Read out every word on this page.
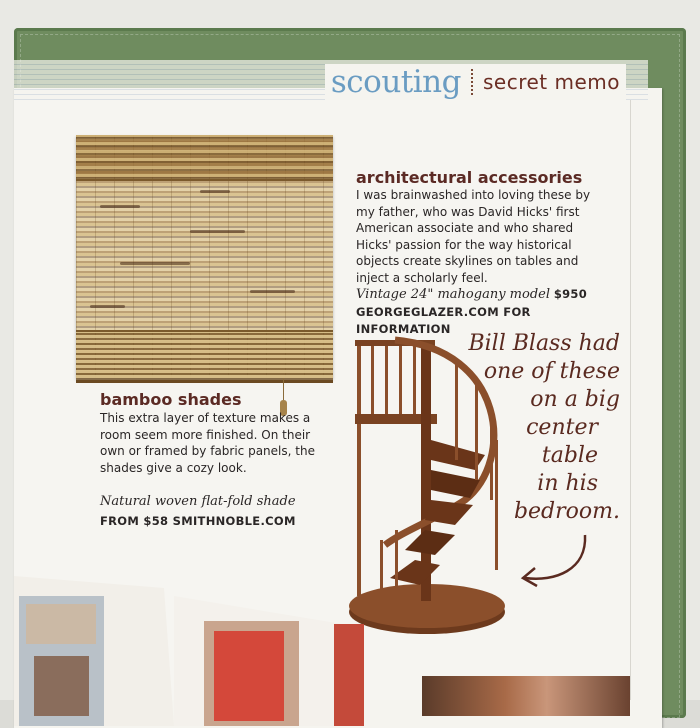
scouting secret memo
bamboo shades
This extra layer of texture makes a room seem more finished. On their own or framed by fabric panels, the shades give a cozy look.
Natural woven flat-fold shade
FROM $58 SMITHNOBLE.COM
architectural accessories
I was brainwashed into loving these by my father, who was David Hicks' first American associate and who shared Hicks' passion for the way historical objects create skylines on tables and inject a scholarly feel.
Vintage 24" mahogany model $950
GEORGEGLAZER.COM FOR INFORMATION
Bill Blass had
one of these
on a big
center
table
in his
bedroom.
